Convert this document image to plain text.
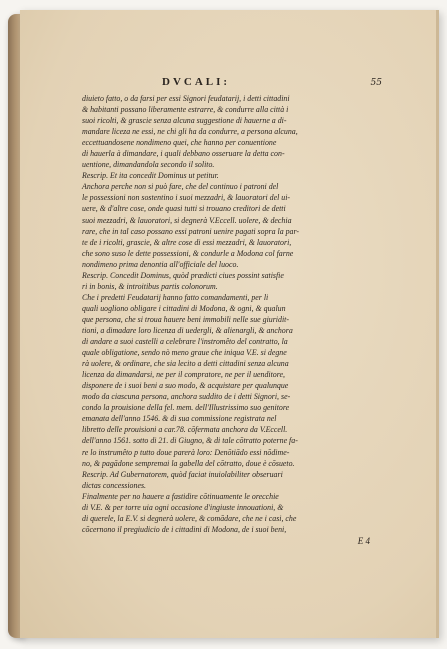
DVCALI:	55
diuieto fatto, o da farsi per essi Signori feudatarij, i detti cittadini
& habitanti possano liberamente estrarre, & condurre alla città i
suoi ricolti, & grascie senza alcuna suggestione di hauerne a di-
mandare liceza ne essi, ne chi gli ha da condurre, a persona alcuna,
eccettuandosene nondimeno quei, che hanno per conuentione
di hauerla à dimandare, i quali debbano osseruare la detta con-
uentione, dimandandola secondo il solito.
Rescrip. Et ita concedit Dominus ut petitur.
Anchora perche non si può fare, che del continuo i patroni del
le possessioni non sostentino i suoi mezzadri, & lauoratori del ui-
uere, & d'altre cose, onde quasi tutti si trouano creditori de detti
suoi mezzadri, & lauoratori, si degnerà V.Eccell. uolere, & dechia
rare, che in tal caso possano essi patroni uenire pagati sopra la par-
te de i ricolti, grascie, & altre cose di essi mezzadri, & lauoratori,
che sono suso le dette possessioni, & condurle a Modona col farne
nondimeno prima denontia all'officiale del luoco.
Rescrip. Concedit Dominus, quòd prædicti ciues possint satisfie
ri in bonis, & introitibus partis colonorum.
Che i predetti Feudatarij hanno fatto comandamenti, per li
quali uogliono obligare i cittadini di Modona, & ogni, & qualun
que persona, che si troua hauere beni immobili nelle sue giuridit-
tioni, a dimadare loro licenza di uedergli, & alienargli, & anchora
di andare a suoi castelli a celebrare l'instromêto del contratto, la
quale obligatione, sendo nò meno graue che iniqua V.E. si degne
rà uolere, & ordinare, che sia lecito a detti cittadini senza alcuna
licenza da dimandarsi, ne per il compratore, ne per il uenditore,
disponere de i suoi beni a suo modo, & acquistare per qualunque
modo da ciascuna persona, anchora suddito de i detti Signori, se-
condo la prouisione della fel. mem. dell'Illustrissimo suo genitore
emanata dell'anno 1546. & di sua commissione registrata nel
libretto delle prouisioni a car.78. cōfermata anchora da V.Eccell.
dell'anno 1561. sotto di 21. di Giugno, & di tale cōtratto poterne fa-
re lo instrumêto p tutto doue parerà loro: Denōtiādo essi nōdime-
no, & pagādone sempremai la gabella del cōtratto, doue è cōsueto.
Rescrip. Ad Gubernatorem, quòd faciat inuiolabiliter obseruari
dictas concessiones.
Finalmente per no hauere a fastidire cōtinuamente le orecchie
di V.E. & per torre uia ogni occasione d'ingiuste innouationi, &
di querele, la E.V. si degnerà uolere, & comādare, che ne i casi, che
cōcernono il pregiudicio de i cittadini di Modona, de i suoi beni,
E 4
